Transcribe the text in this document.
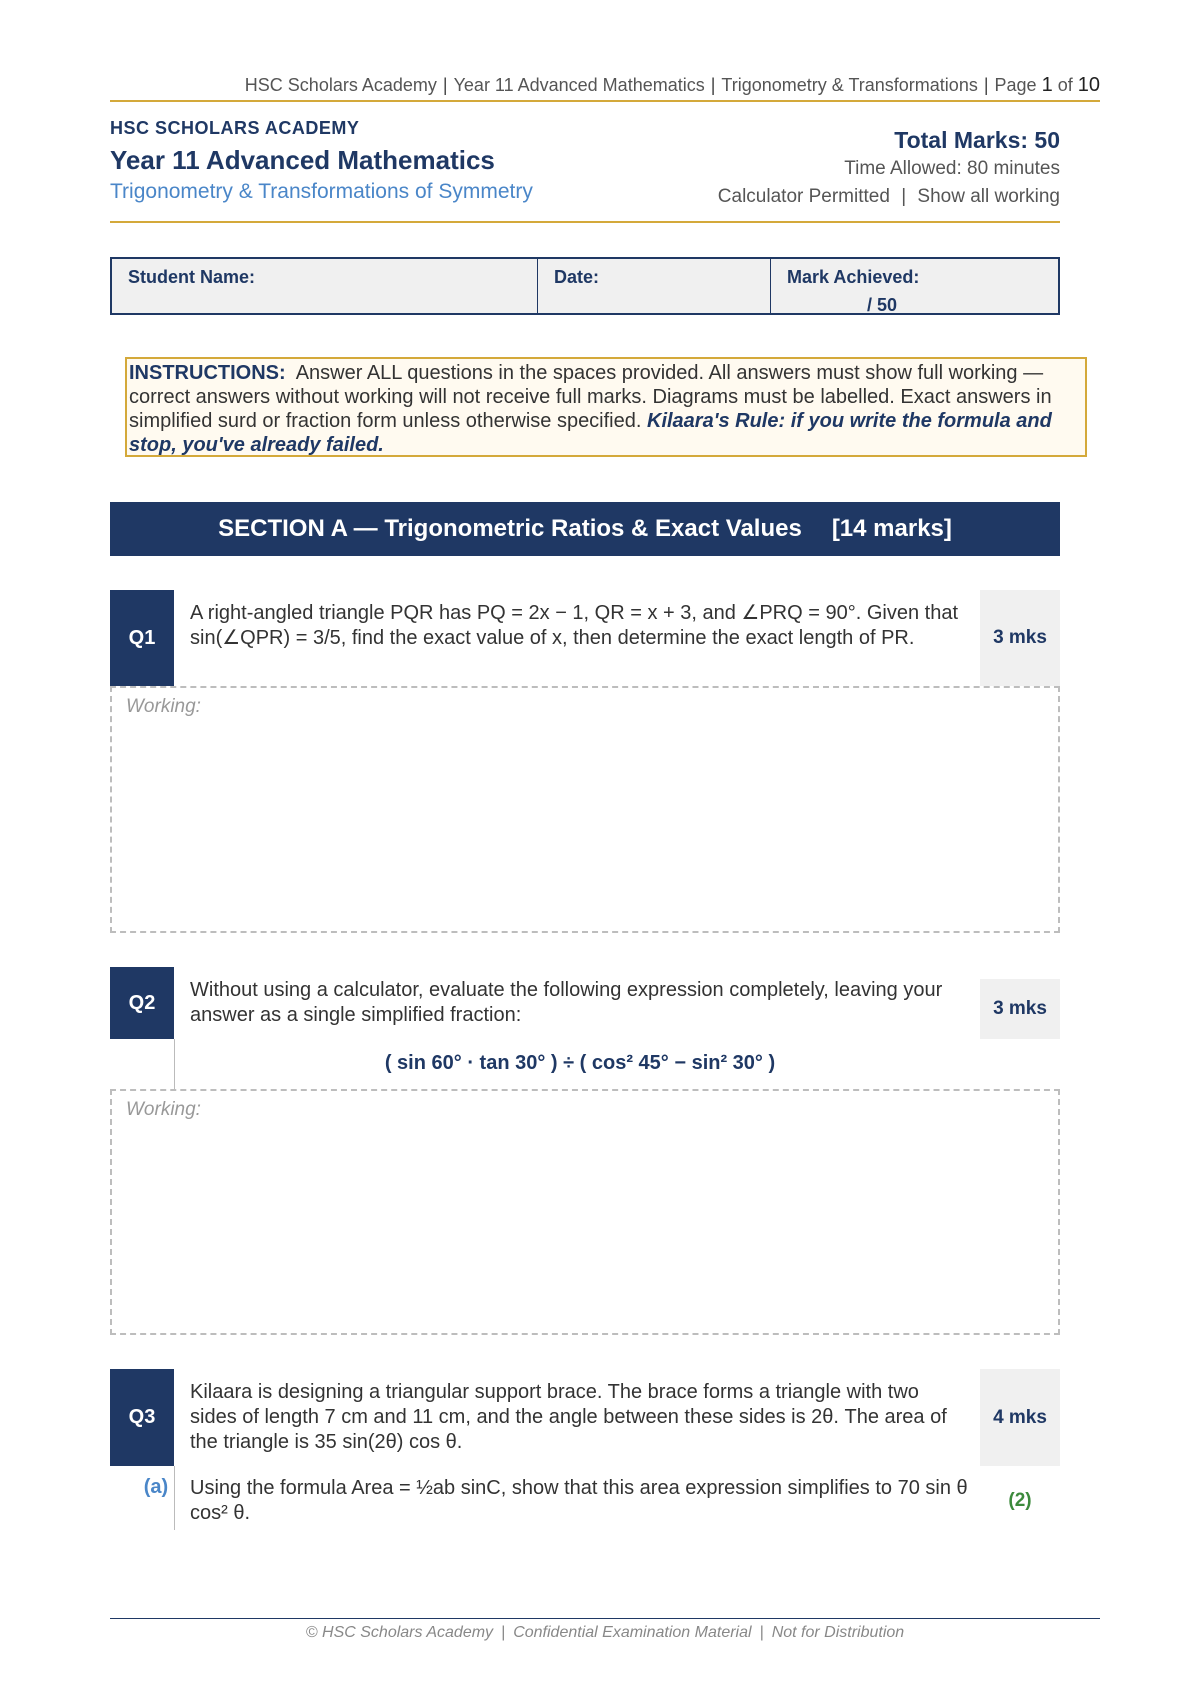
HSC Scholars Academy | Year 11 Advanced Mathematics | Trigonometry & Transformations | Page 1 of 10
HSC SCHOLARS ACADEMY
Year 11 Advanced Mathematics
Trigonometry & Transformations of Symmetry
Total Marks: 50
Time Allowed: 80 minutes
Calculator Permitted | Show all working
Student Name:	Date:	Mark Achieved:
/ 50
INSTRUCTIONS: Answer ALL questions in the spaces provided. All answers must show full working — correct answers without working will not receive full marks. Diagrams must be labelled. Exact answers in simplified surd or fraction form unless otherwise specified. Kilaara's Rule: if you write the formula and stop, you've already failed.
SECTION A — Trigonometric Ratios & Exact Values [14 marks]
Q1
A right-angled triangle PQR has PQ = 2x − 1, QR = x + 3, and ∠PRQ = 90°. Given that sin(∠QPR) = 3/5, find the exact value of x, then determine the exact length of PR.	3 mks
Working:
Q2
Without using a calculator, evaluate the following expression completely, leaving your answer as a single simplified fraction:
( sin 60° · tan 30° ) ÷ ( cos² 45° − sin² 30° )
3 mks
Working:
Q3
Kilaara is designing a triangular support brace. The brace forms a triangle with two sides of length 7 cm and 11 cm, and the angle between these sides is 2θ. The area of the triangle is 35 sin(2θ) cos θ.
4 mks
(a) Using the formula Area = ½ab sinC, show that this area expression simplifies to 70 sin θ cos² θ.
(2)
© HSC Scholars Academy | Confidential Examination Material | Not for Distribution
